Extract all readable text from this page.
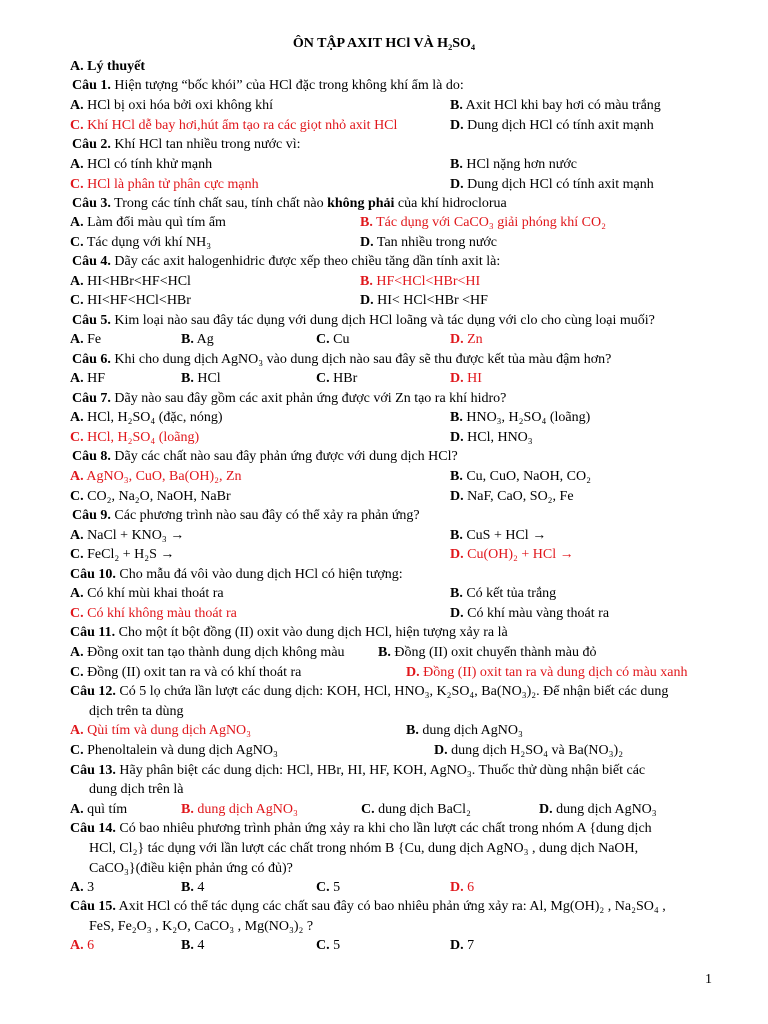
ÔN TẬP AXIT HCl VÀ H₂SO₄
A. Lý thuyết
Câu 1. Hiện tượng “bốc khói” của HCl đặc trong không khí ẩm là do:
A. HCl bị oxi hóa bởi oxi không khí	B. Axit HCl khi bay hơi có màu trắng
C. Khí HCl dễ bay hơi,hút ẩm tạo ra các giọt nhỏ axit HCl	D. Dung dịch HCl có tính axit mạnh
Câu 2. Khí HCl tan nhiều trong nước vì:
A. HCl có tính khử mạnh	B. HCl nặng hơn nước
C. HCl là phân tử phân cực mạnh	D. Dung dịch HCl có tính axit mạnh
Câu 3. Trong các tính chất sau, tính chất nào không phải của khí hidroclorua
A. Làm đổi màu quì tím ẩm	B. Tác dụng với CaCO₃ giải phóng khí CO₂
C. Tác dụng với khí NH₃	D. Tan nhiều trong nước
Câu 4. Dãy các axit halogenhidric được xếp theo chiều tăng dần tính axit là:
A. HI<HBr<HF<HCl	B. HF<HCl<HBr<HI
C. HI<HF<HCl<HBr	D. HI< HCl<HBr <HF
Câu 5. Kim loại nào sau đây tác dụng với dung dịch HCl loãng và tác dụng với clo cho cùng loại muối?
A. Fe	B. Ag	C. Cu	D. Zn
Câu 6. Khi cho dung dịch AgNO₃ vào dung dịch nào sau đây sẽ thu được kết tủa màu đậm hơn?
A. HF	B. HCl	C. HBr	D. HI
Câu 7. Dãy nào sau đây gồm các axit phản ứng được với Zn tạo ra khí hidro?
A. HCl, H₂SO₄ (đặc, nóng)	B. HNO₃, H₂SO₄ (loãng)
C. HCl, H₂SO₄ (loãng)	D. HCl, HNO₃
Câu 8. Dãy các chất nào sau đây phản ứng được với dung dịch HCl?
A. AgNO₃, CuO, Ba(OH)₂, Zn	B. Cu, CuO, NaOH, CO₂
C. CO₂, Na₂O, NaOH, NaBr	D. NaF, CaO, SO₂, Fe
Câu 9. Các phương trình nào sau đây có thể xảy ra phản ứng?
A. NaCl + KNO₃ →	B. CuS + HCl →
C. FeCl₂ + H₂S →	D. Cu(OH)₂ + HCl →
Câu 10. Cho mẫu đá vôi vào dung dịch HCl có hiện tượng:
A. Có khí mùi khai thoát ra	B. Có kết tủa trắng
C. Có khí không màu thoát ra	D. Có khí màu vàng thoát ra
Câu 11. Cho một ít bột đồng (II) oxit vào dung dịch HCl, hiện tượng xảy ra là
A. Đồng oxit tan tạo thành dung dịch không màu B. Đồng (II) oxit chuyển thành màu đỏ
C. Đồng (II) oxit tan ra và có khí thoát ra	D. Đồng (II) oxit tan ra và dung dịch có màu xanh
Câu 12. Có 5 lọ chứa lần lượt các dung dịch: KOH, HCl, HNO₃, K₂SO₄, Ba(NO₃)₂. Để nhận biết các dung
dịch trên ta dùng
A. Qùi tím và dung dịch AgNO₃	B. dung dịch AgNO₃
C. Phenoltalein và dung dịch AgNO₃	D. dung dịch H₂SO₄ và Ba(NO₃)₂
Câu 13. Hãy phân biệt các dung dịch: HCl, HBr, HI, HF, KOH, AgNO₃. Thuốc thử dùng nhận biết các
dung dịch trên là
A. quì tím	B. dung dịch AgNO₃	C. dung dịch BaCl₂	D. dung dịch AgNO₃
Câu 14. Có bao nhiêu phương trình phản ứng xảy ra khi cho lần lượt các chất trong nhóm A {dung dịch
HCl, Cl₂} tác dụng với lần lượt các chất trong nhóm B {Cu, dung dịch AgNO₃ , dung dịch NaOH,
CaCO₃}(điều kiện phản ứng có đủ)?
A. 3	B. 4	C. 5	D. 6
Câu 15. Axit HCl có thể tác dụng các chất sau đây có bao nhiêu phản ứng xảy ra: Al, Mg(OH)₂ , Na₂SO₄ ,
FeS, Fe₂O₃ , K₂O, CaCO₃ , Mg(NO₃)₂ ?
A. 6	B. 4	C. 5	D. 7
1
